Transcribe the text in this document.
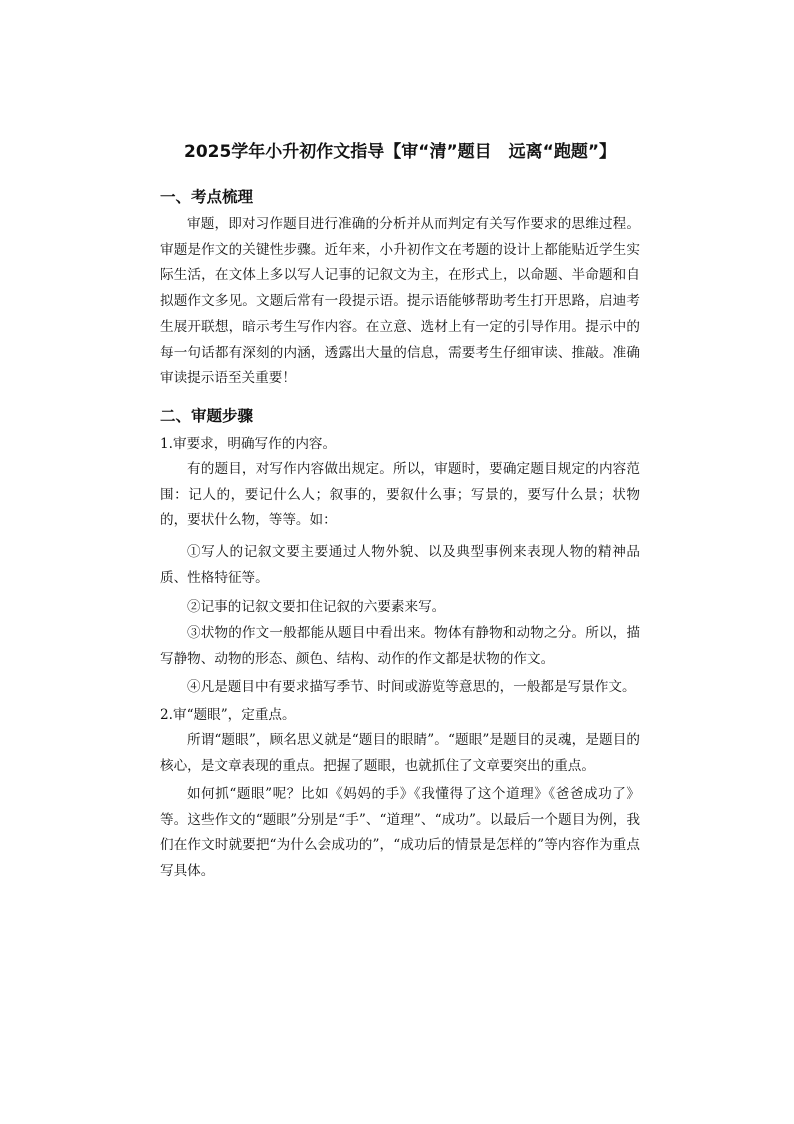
2025学年小升初作文指导【审“清”题目　远离“跑题”】
一、考点梳理

审题，即对习作题目进行准确的分析并从而判定有关写作要求的思维过程。审题是作文的关键性步骤。近年来，小升初作文在考题的设计上都能贴近学生实际生活，在文体上多以写人记事的记叙文为主，在形式上，以命题、半命题和自拟题作文多见。文题后常有一段提示语。提示语能够帮助考生打开思路，启迪考生展开联想，暗示考生写作内容。在立意、选材上有一定的引导作用。提示中的每一句话都有深刻的内涵，透露出大量的信息，需要考生仔细审读、推敲。准确审读提示语至关重要！

二、审题步骤
1.审要求，明确写作的内容。

有的题目，对写作内容做出规定。所以，审题时，要确定题目规定的内容范围：记人的，要记什么人；叙事的，要叙什么事；写景的，要写什么景；状物的，要状什么物，等等。如：

①写人的记叙文要主要通过人物外貌、以及典型事例来表现人物的精神品质、性格特征等。

②记事的记叙文要扣住记叙的六要素来写。

③状物的作文一般都能从题目中看出来。物体有静物和动物之分。所以，描写静物、动物的形态、颜色、结构、动作的作文都是状物的作文。

④凡是题目中有要求描写季节、时间或游览等意思的，一般都是写景作文。

2.审“题眼”，定重点。

所谓“题眼”，顾名思义就是“题目的眼睛”。“题眼”是题目的灵魂，是题目的核心，是文章表现的重点。把握了题眼，也就抓住了文章要突出的重点。

如何抓“题眼”呢？比如《妈妈的手》《我懂得了这个道理》《爸爸成功了》等。这些作文的“题眼”分别是“手”、“道理”、“成功”。以最后一个题目为例，我们在作文时就要把“为什么会成功的”，“成功后的情景是怎样的”等内容作为重点写具体。
